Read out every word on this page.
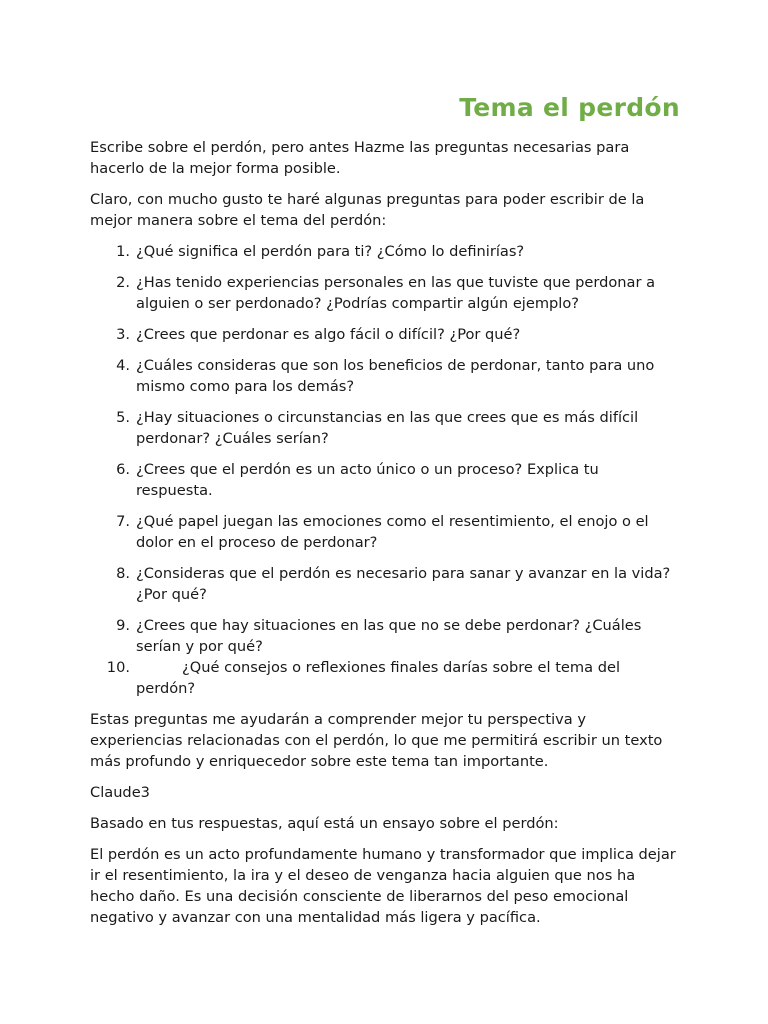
Tema el perdón

Escribe sobre el perdón, pero antes Hazme las preguntas necesarias para hacerlo de la mejor forma posible.

Claro, con mucho gusto te haré algunas preguntas para poder escribir de la mejor manera sobre el tema del perdón:

1. ¿Qué significa el perdón para ti? ¿Cómo lo definirías?
2. ¿Has tenido experiencias personales en las que tuviste que perdonar a alguien o ser perdonado? ¿Podrías compartir algún ejemplo?
3. ¿Crees que perdonar es algo fácil o difícil? ¿Por qué?
4. ¿Cuáles consideras que son los beneficios de perdonar, tanto para uno mismo como para los demás?
5. ¿Hay situaciones o circunstancias en las que crees que es más difícil perdonar? ¿Cuáles serían?
6. ¿Crees que el perdón es un acto único o un proceso? Explica tu respuesta.
7. ¿Qué papel juegan las emociones como el resentimiento, el enojo o el dolor en el proceso de perdonar?
8. ¿Consideras que el perdón es necesario para sanar y avanzar en la vida? ¿Por qué?
9. ¿Crees que hay situaciones en las que no se debe perdonar? ¿Cuáles serían y por qué?
10.	¿Qué consejos o reflexiones finales darías sobre el tema del perdón?

Estas preguntas me ayudarán a comprender mejor tu perspectiva y experiencias relacionadas con el perdón, lo que me permitirá escribir un texto más profundo y enriquecedor sobre este tema tan importante.

Claude3

Basado en tus respuestas, aquí está un ensayo sobre el perdón:

El perdón es un acto profundamente humano y transformador que implica dejar ir el resentimiento, la ira y el deseo de venganza hacia alguien que nos ha hecho daño. Es una decisión consciente de liberarnos del peso emocional negativo y avanzar con una mentalidad más ligera y pacífica.
